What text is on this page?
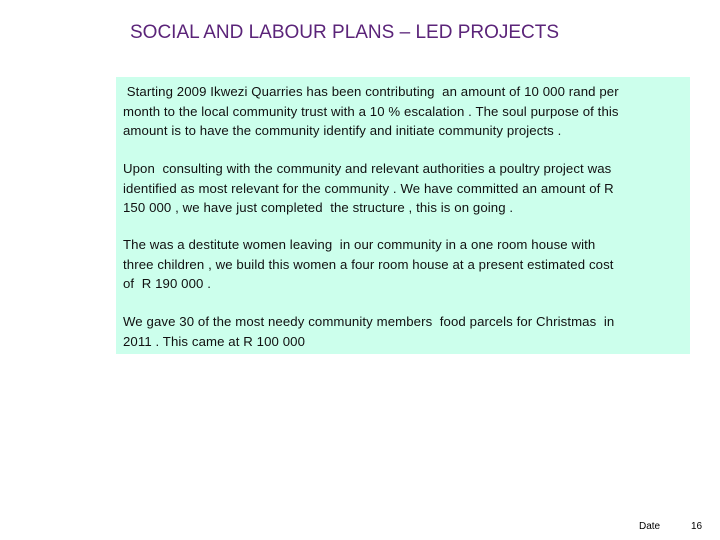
SOCIAL AND LABOUR PLANS – LED PROJECTS
Starting 2009 Ikwezi Quarries has been contributing  an amount of 10 000 rand per
month to the local community trust with a 10 % escalation . The soul purpose of this
amount is to have the community identify and initiate community projects .
Upon  consulting with the community and relevant authorities a poultry project was
identified as most relevant for the community . We have committed an amount of R
150 000 , we have just completed  the structure , this is on going .
The was a destitute women leaving  in our community in a one room house with
three children , we build this women a four room house at a present estimated cost
of  R 190 000 .
We gave 30 of the most needy community members  food parcels for Christmas  in
2011 . This came at R 100 000
Date	16
